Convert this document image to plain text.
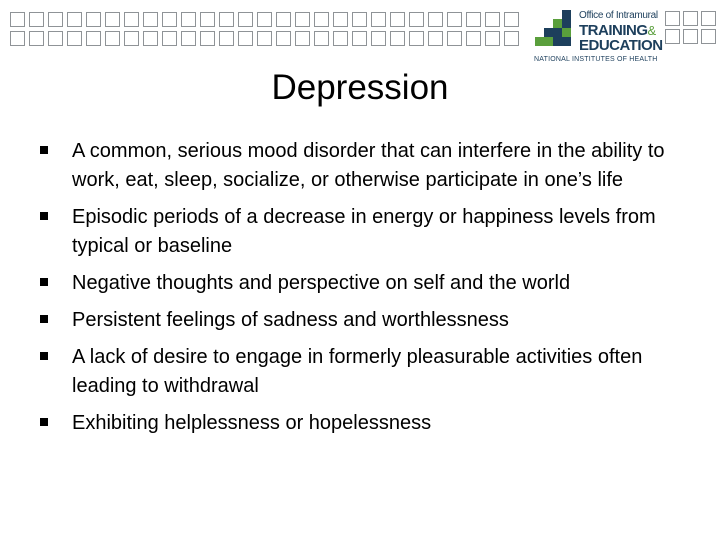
Office of Intramural
TRAINING&
EDUCATION
NATIONAL INSTITUTES OF HEALTH
Depression
A common, serious mood disorder that can interfere in the ability to work, eat, sleep, socialize, or otherwise participate in one’s life
Episodic periods of a decrease in energy or happiness levels from typical or baseline
Negative thoughts and perspective on self and the world
Persistent feelings of sadness and worthlessness
A lack of desire to engage in formerly pleasurable activities often leading to withdrawal
Exhibiting helplessness or hopelessness
